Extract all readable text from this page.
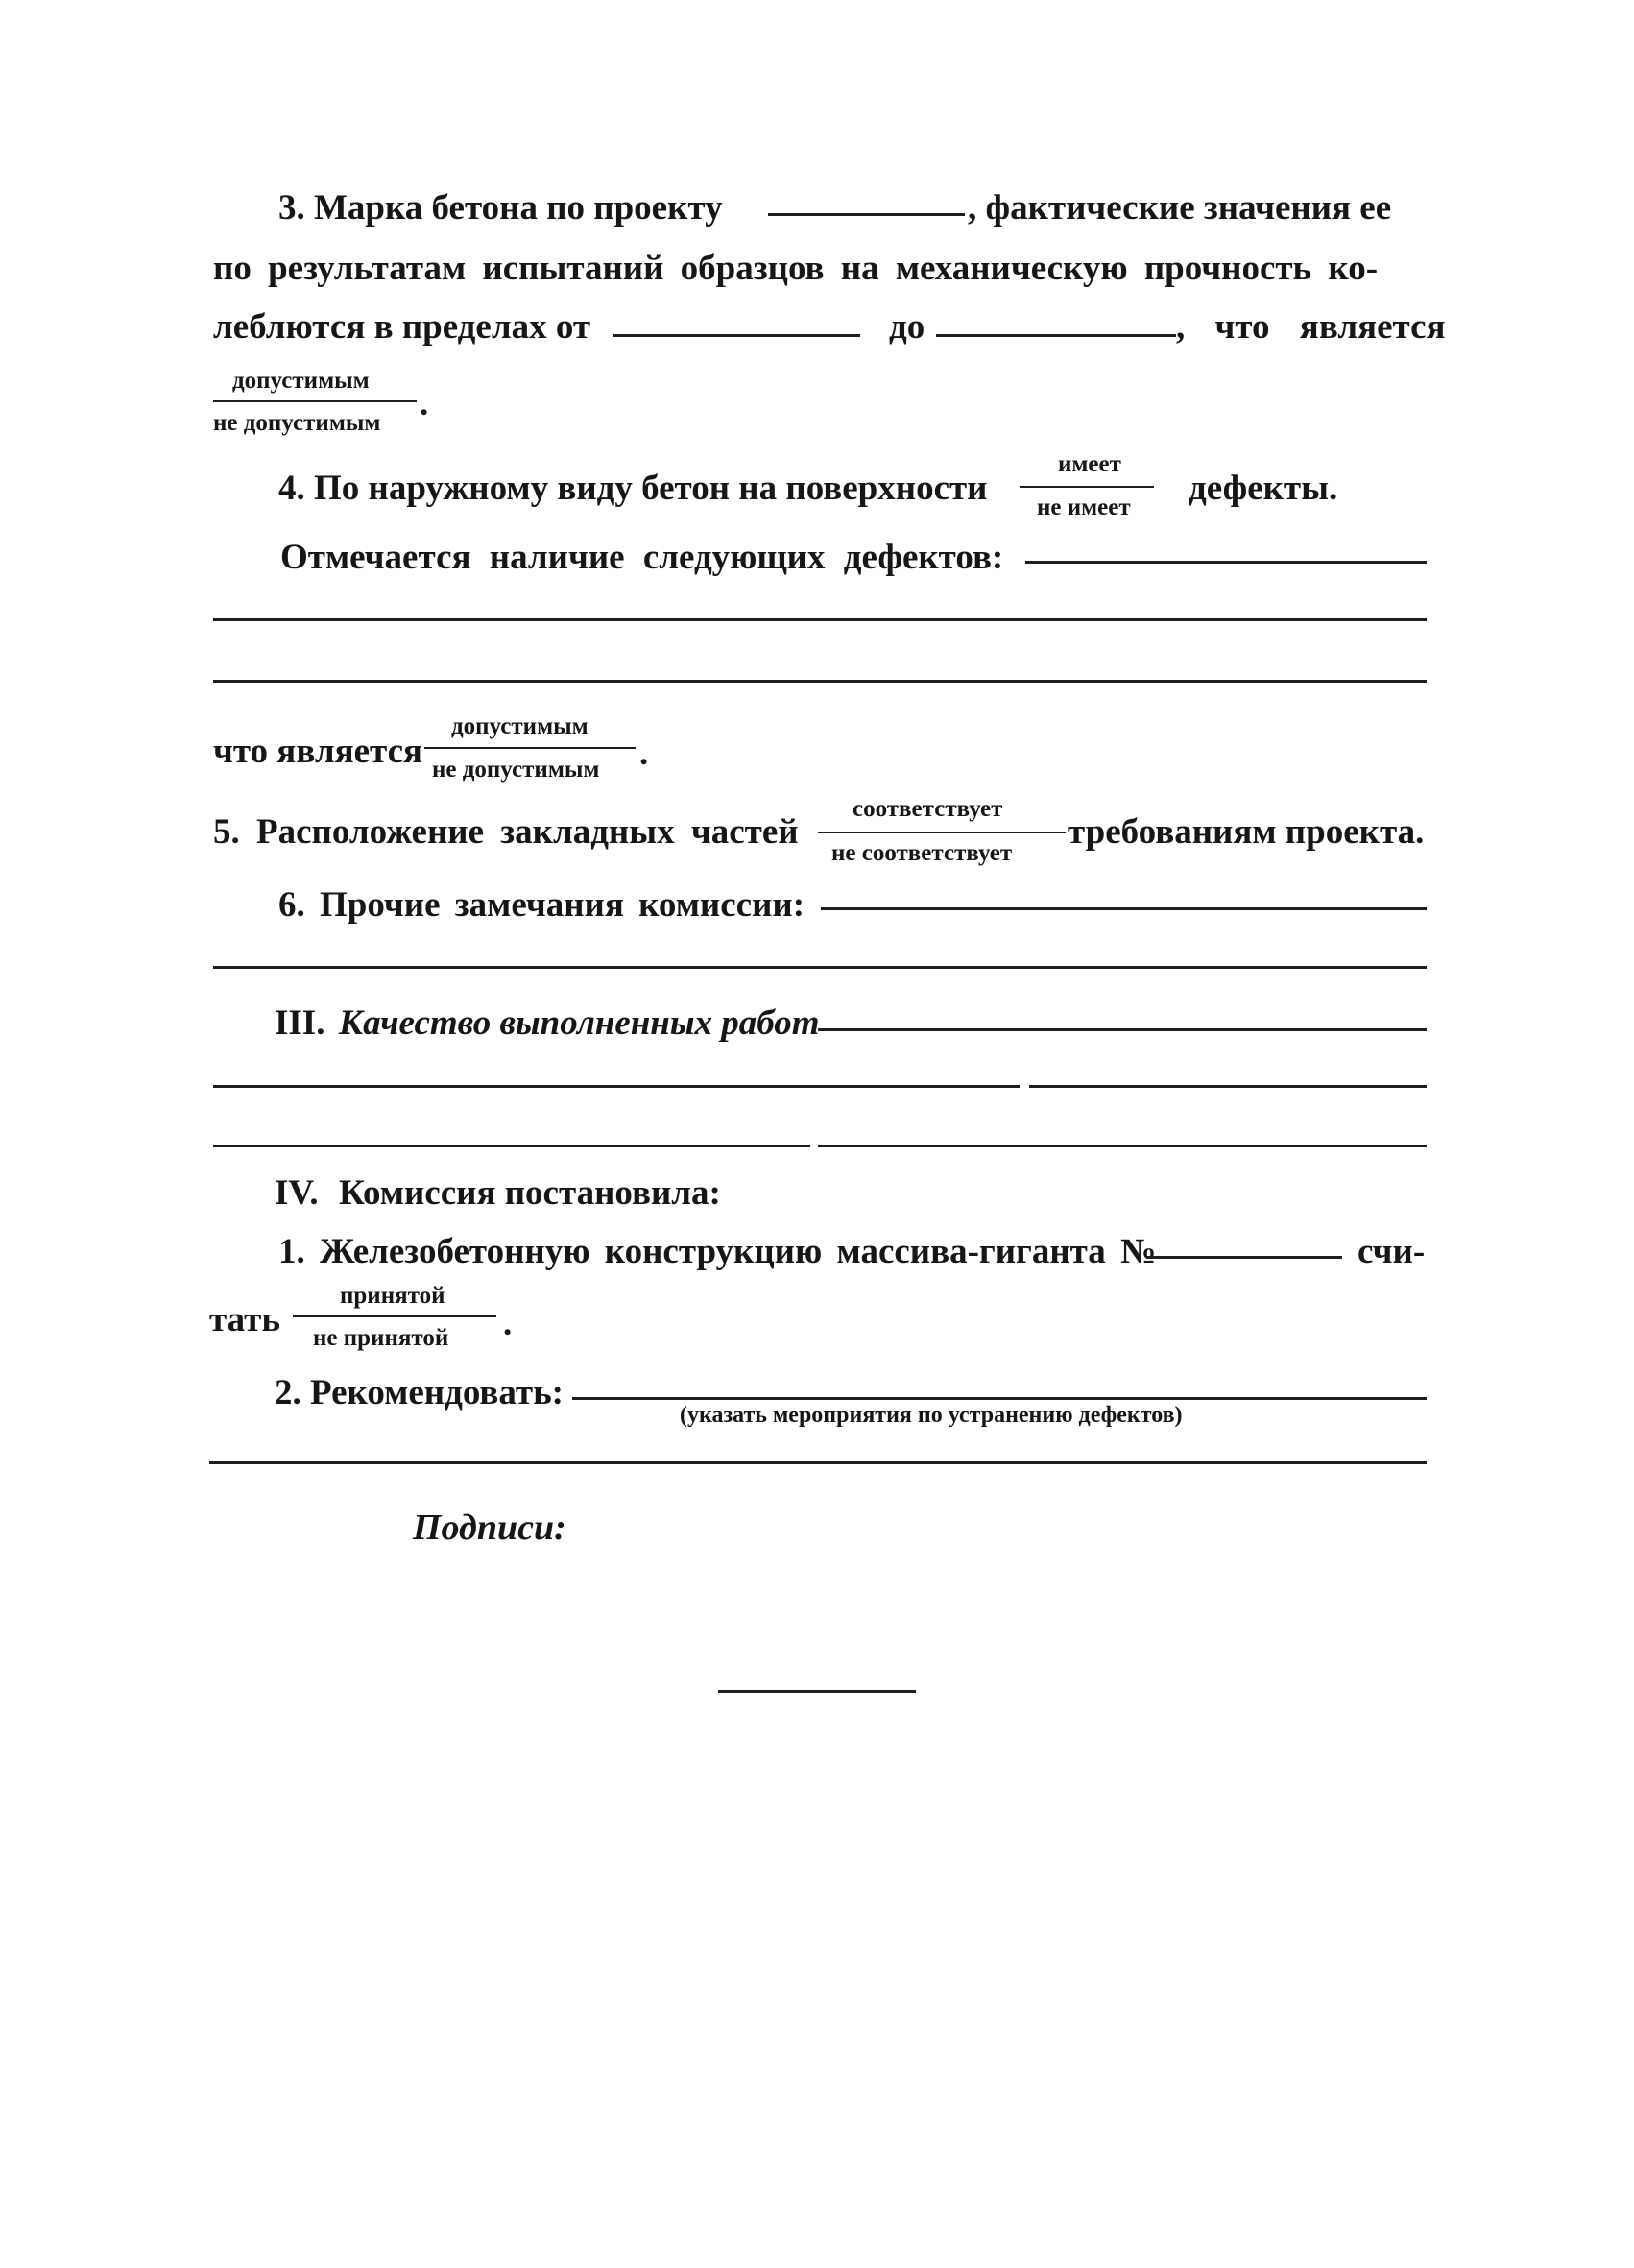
3. Марка бетона по проекту	, фактические значения ее
по результатам испытаний образцов на механическую прочность ко-
леблются в пределах от	до	, что является
допустимым
не допустимым .
4. По наружному виду бетон на поверхности
имеет
не имеет дефекты.
Отмечается наличие следующих дефектов:
что является
допустимым
не допустимым .
5. Расположение закладных частей
соответствует
не соответствует
требованиям проекта.
6. Прочие замечания комиссии:
III. Качество выполненных работ
IV. Комиссия постановила:
1. Железобетонную конструкцию массива-гиганта №	счи-
тать
принятой
не принятой .
2. Рекомендовать:
(указать мероприятия по устранению дефектов)
Подписи:
